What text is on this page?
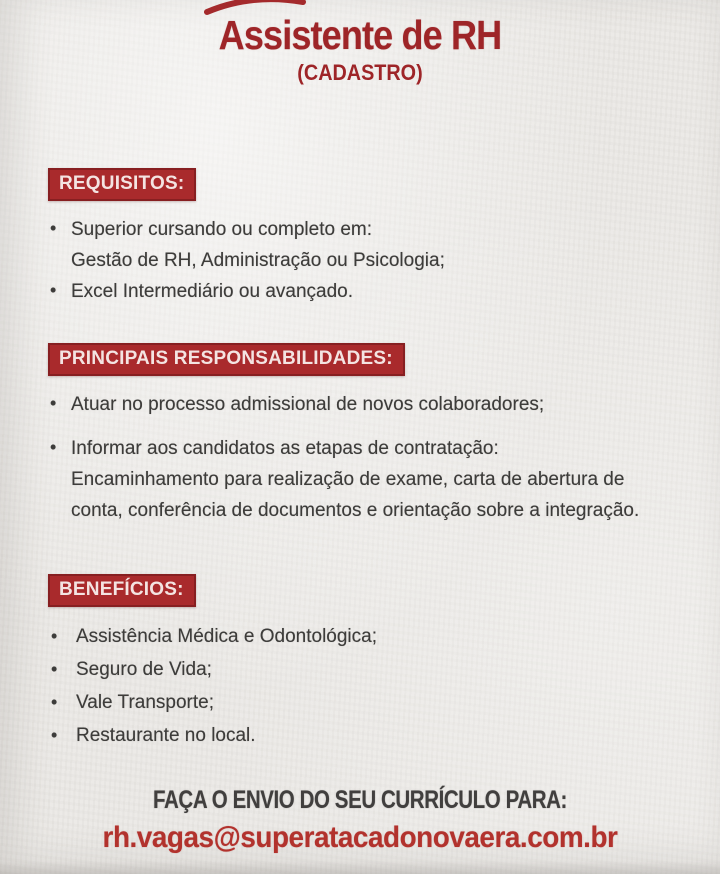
Assistente de RH
(CADASTRO)
REQUISITOS:
• Superior cursando ou completo em:
Gestão de RH, Administração ou Psicologia;
• Excel Intermediário ou avançado.
PRINCIPAIS RESPONSABILIDADES:
• Atuar no processo admissional de novos colaboradores;
• Informar aos candidatos as etapas de contratação:
Encaminhamento para realização de exame, carta de abertura de
conta, conferência de documentos e orientação sobre a integração.
BENEFÍCIOS:
• Assistência Médica e Odontológica;
• Seguro de Vida;
• Vale Transporte;
• Restaurante no local.
FAÇA O ENVIO DO SEU CURRÍCULO PARA:
rh.vagas@superatacadonovaera.com.br
